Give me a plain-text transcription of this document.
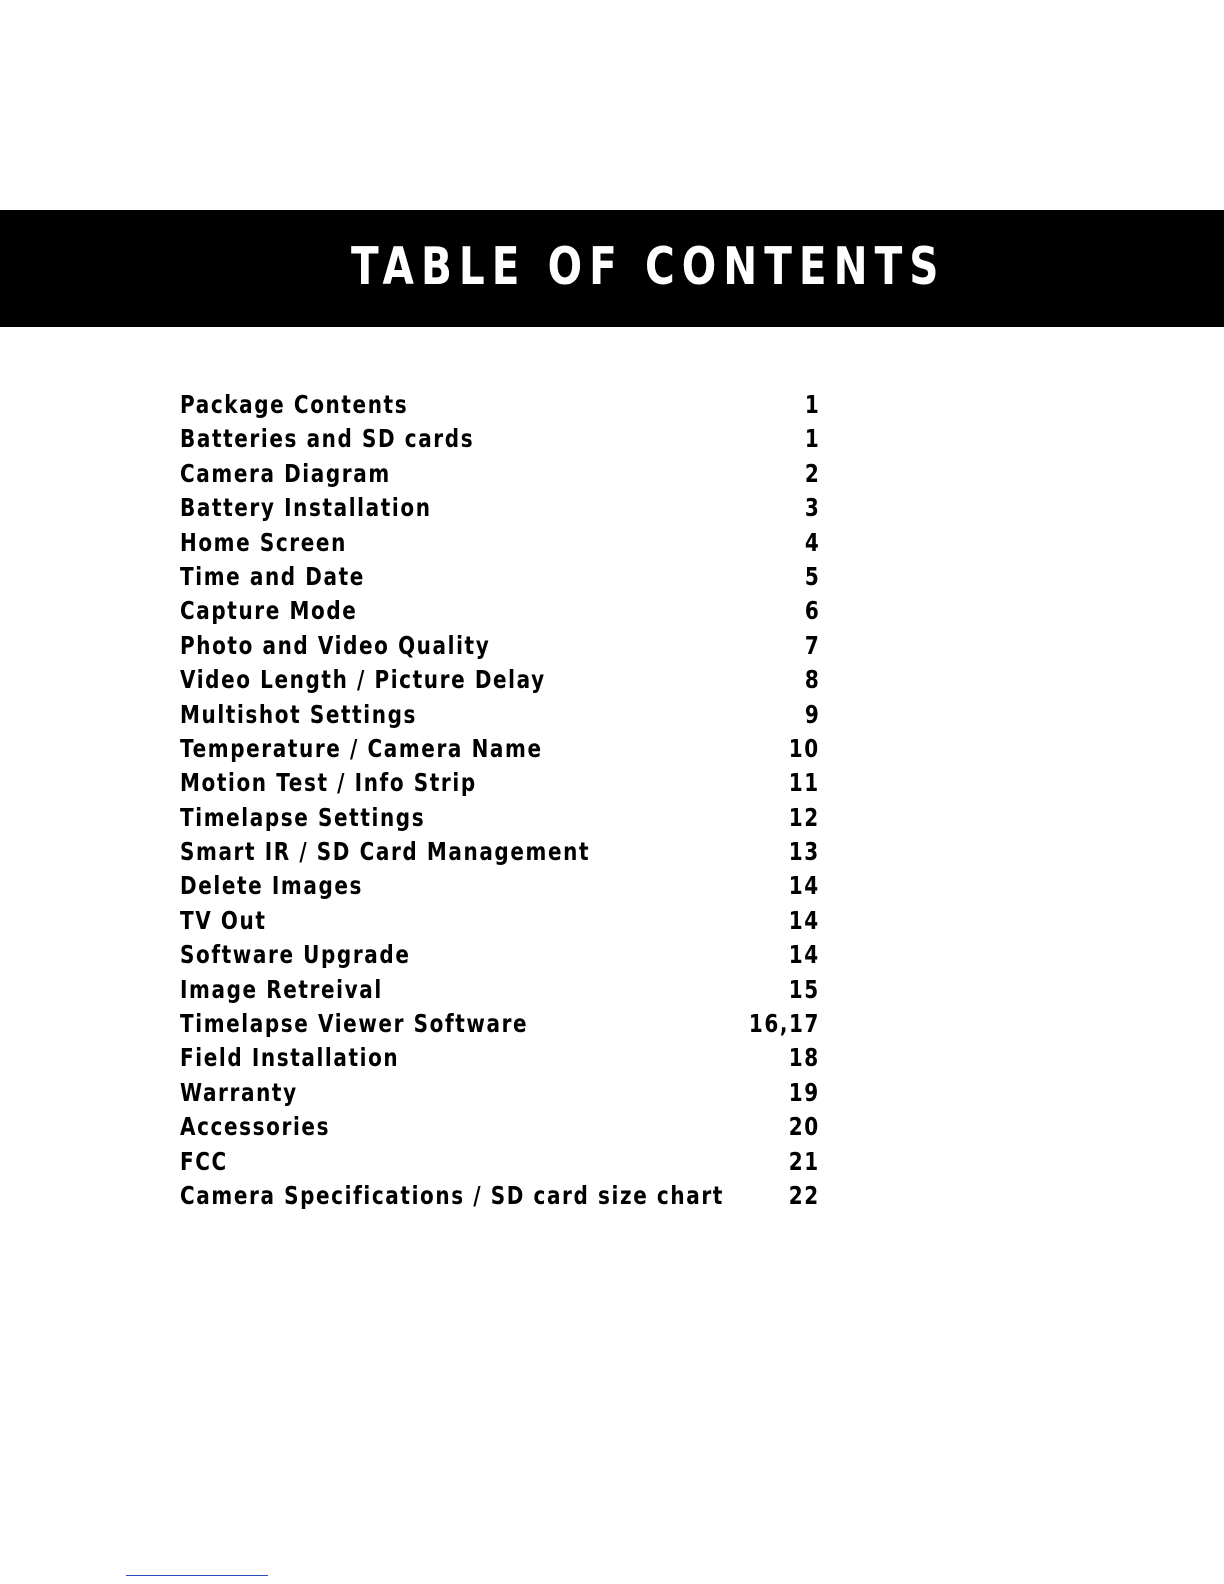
TABLE OF CONTENTS
Package Contents	1
Batteries and SD cards	1
Camera Diagram	2
Battery Installation	3
Home Screen	4
Time and Date	5
Capture Mode	6
Photo and Video Quality	7
Video Length / Picture Delay	8
Multishot Settings	9
Temperature / Camera Name	10
Motion Test / Info Strip	11
Timelapse Settings	12
Smart IR / SD Card Management	13
Delete Images	14
TV Out	14
Software Upgrade	14
Image Retreival	15
Timelapse Viewer Software	16,17
Field Installation	18
Warranty	19
Accessories	20
FCC	21
Camera Specifications / SD card size chart	22
